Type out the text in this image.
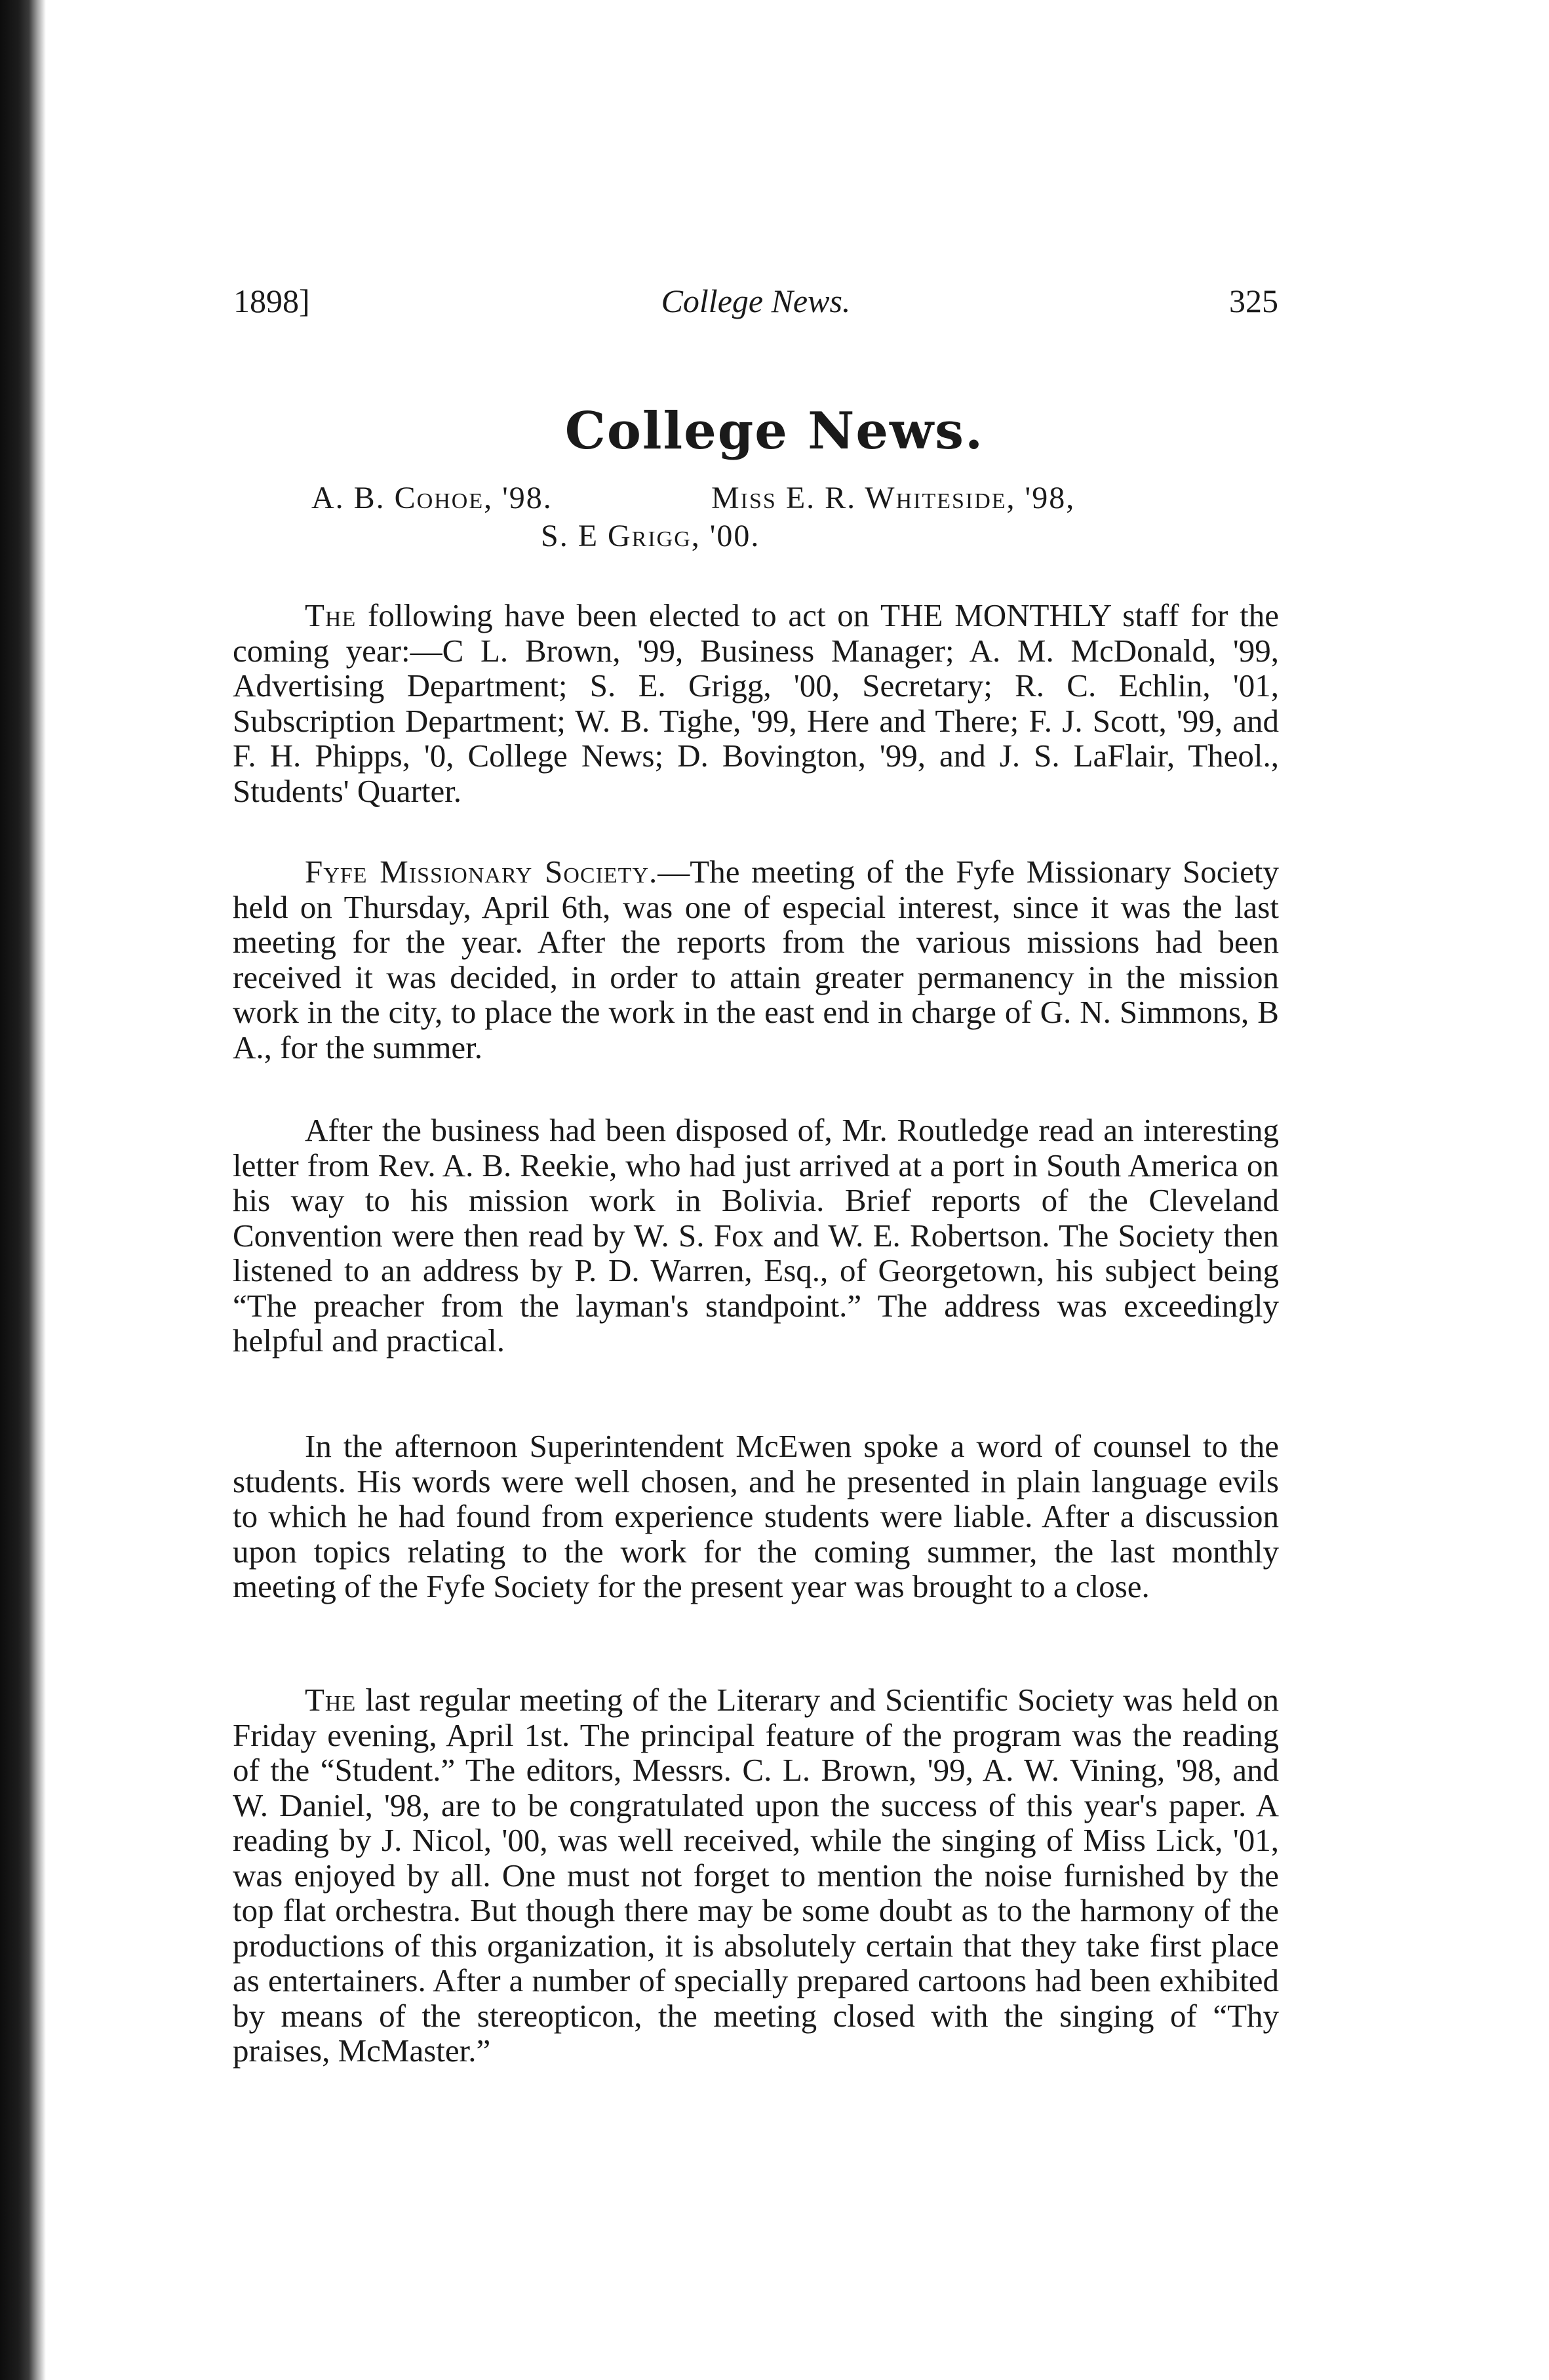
1898]	College News.	325
College News.
A. B. Cohoe, '98.	Miss E. R. Whiteside, '98,
S. E Grigg, '00.

The following have been elected to act on THE MONTHLY staff for the coming year:—C L. Brown, '99, Business Manager; A. M. McDonald, '99, Advertising Department; S. E. Grigg, '00, Secretary; R. C. Echlin, '01, Subscription Department; W. B. Tighe, '99, Here and There; F. J. Scott, '99, and F. H. Phipps, '0, College News; D. Bovington, '99, and J. S. LaFlair, Theol., Students' Quarter.

Fyfe Missionary Society.—The meeting of the Fyfe Missionary Society held on Thursday, April 6th, was one of especial interest, since it was the last meeting for the year. After the reports from the various missions had been received it was decided, in order to attain greater permanency in the mission work in the city, to place the work in the east end in charge of G. N. Simmons, B A., for the summer.

After the business had been disposed of, Mr. Routledge read an interesting letter from Rev. A. B. Reekie, who had just arrived at a port in South America on his way to his mission work in Bolivia. Brief reports of the Cleveland Convention were then read by W. S. Fox and W. E. Robertson. The Society then listened to an address by P. D. Warren, Esq., of Georgetown, his subject being “The preacher from the layman's standpoint.” The address was exceedingly helpful and practical.

In the afternoon Superintendent McEwen spoke a word of counsel to the students. His words were well chosen, and he presented in plain language evils to which he had found from experience students were liable. After a discussion upon topics relating to the work for the coming summer, the last monthly meeting of the Fyfe Society for the present year was brought to a close.

The last regular meeting of the Literary and Scientific Society was held on Friday evening, April 1st. The principal feature of the program was the reading of the “Student.” The editors, Messrs. C. L. Brown, '99, A. W. Vining, '98, and W. Daniel, '98, are to be congratulated upon the success of this year's paper. A reading by J. Nicol, '00, was well received, while the singing of Miss Lick, '01, was enjoyed by all. One must not forget to mention the noise furnished by the top flat orchestra. But though there may be some doubt as to the harmony of the productions of this organization, it is absolutely certain that they take first place as entertainers. After a number of specially prepared cartoons had been exhibited by means of the stereopticon, the meeting closed with the singing of “Thy praises, McMaster.”
